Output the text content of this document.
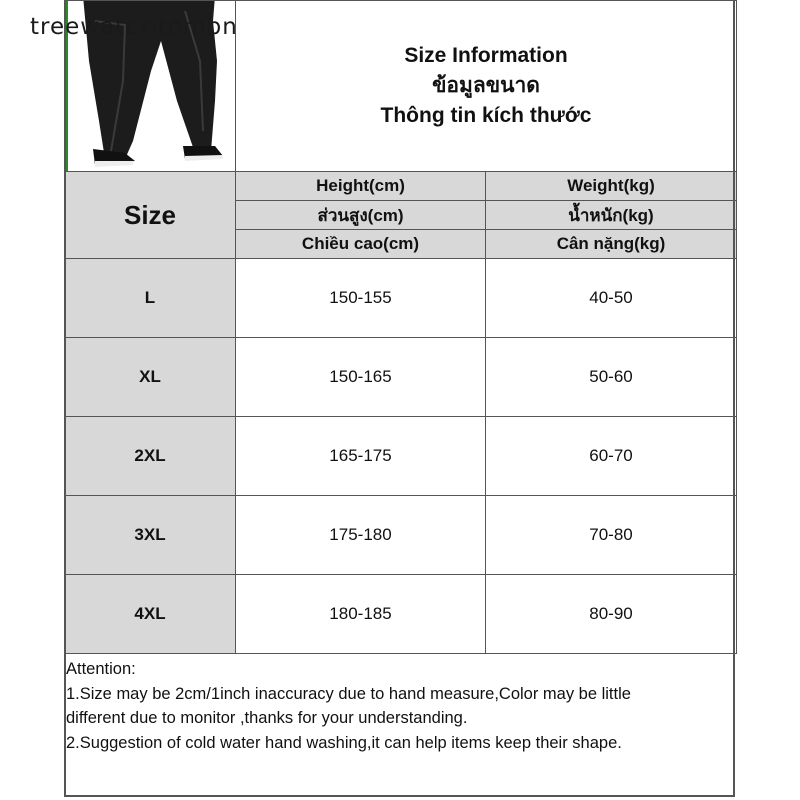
treewateritombn

Size Information
ข้อมูลขนาด
Thông tin kích thước	

Size	Height(cm)	Weight(kg)
	ส่วนสูง(cm)	น้ำหนัก(kg)
	Chiều cao(cm)	Cân nặng(kg)
L	150-155	40-50
XL	150-165	50-60
2XL	165-175	60-70
3XL	175-180	70-80
4XL	180-185	80-90
Attention:
1.Size may be 2cm/1inch inaccuracy due to hand measure,Color may be little
different due to monitor ,thanks for your understanding.
2.Suggestion of cold water hand washing,it can help items keep their shape.
